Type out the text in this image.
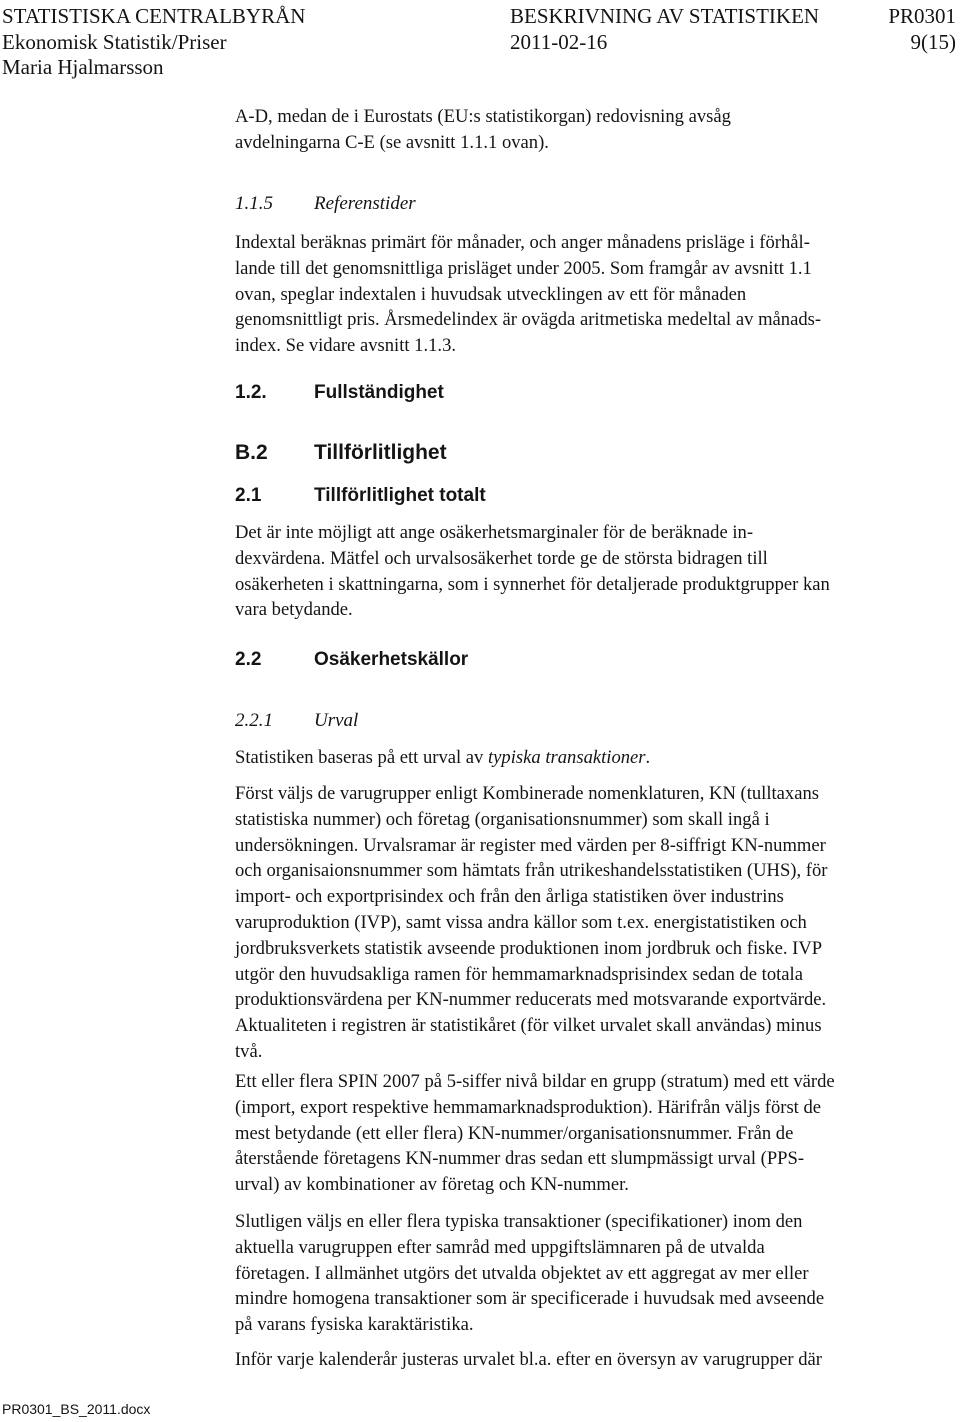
STATISTISKA CENTRALBYRÅN	BESKRIVNING AV STATISTIKEN	PR0301
Ekonomisk Statistik/Priser	2011-02-16	9(15)
Maria Hjalmarsson
A-D, medan de i Eurostats (EU:s statistikorgan) redovisning avsåg
avdelningarna C-E (se avsnitt 1.1.1 ovan).
1.1.5 Referenstider
Indextal beräknas primärt för månader, och anger månadens prisläge i förhål-
lande till det genomsnittliga prisläget under 2005. Som framgår av avsnitt 1.1
ovan, speglar indextalen i huvudsak utvecklingen av ett för månaden
genomsnittligt pris. Årsmedelindex är ovägda aritmetiska medeltal av månads-
index. Se vidare avsnitt 1.1.3.
1.2. Fullständighet
B.2 Tillförlitlighet
2.1	Tillförlitlighet totalt
Det är inte möjligt att ange osäkerhetsmarginaler för de beräknade in-
dexvärdena. Mätfel och urvalsosäkerhet torde ge de största bidragen till
osäkerheten i skattningarna, som i synnerhet för detaljerade produktgrupper kan
vara betydande.
2.2	Osäkerhetskällor
2.2.1 Urval
Statistiken baseras på ett urval av typiska transaktioner.
Först väljs de varugrupper enligt Kombinerade nomenklaturen, KN (tulltaxans
statistiska nummer) och företag (organisationsnummer) som skall ingå i
undersökningen. Urvalsramar är register med värden per 8-siffrigt KN-nummer
och organisaionsnummer som hämtats från utrikeshandelsstatistiken (UHS), för
import- och exportprisindex och från den årliga statistiken över industrins
varuproduktion (IVP), samt vissa andra källor som t.ex. energistatistiken och
jordbruksverkets statistik avseende produktionen inom jordbruk och fiske. IVP
utgör den huvudsakliga ramen för hemmamarknadsprisindex sedan de totala
produktionsvärdena per KN-nummer reducerats med motsvarande exportvärde.
Aktualiteten i registren är statistikåret (för vilket urvalet skall användas) minus
två.
Ett eller flera SPIN 2007 på 5-siffer nivå bildar en grupp (stratum) med ett värde
(import, export respektive hemmamarknadsproduktion). Härifrån väljs först de
mest betydande (ett eller flera) KN-nummer/organisationsnummer. Från de
återstående företagens KN-nummer dras sedan ett slumpmässigt urval (PPS-
urval) av kombinationer av företag och KN-nummer.
Slutligen väljs en eller flera typiska transaktioner (specifikationer) inom den
aktuella varugruppen efter samråd med uppgiftslämnaren på de utvalda
företagen. I allmänhet utgörs det utvalda objektet av ett aggregat av mer eller
mindre homogena transaktioner som är specificerade i huvudsak med avseende
på varans fysiska karaktäristika.
Inför varje kalenderår justeras urvalet bl.a. efter en översyn av varugrupper där
PR0301_BS_2011.docx
